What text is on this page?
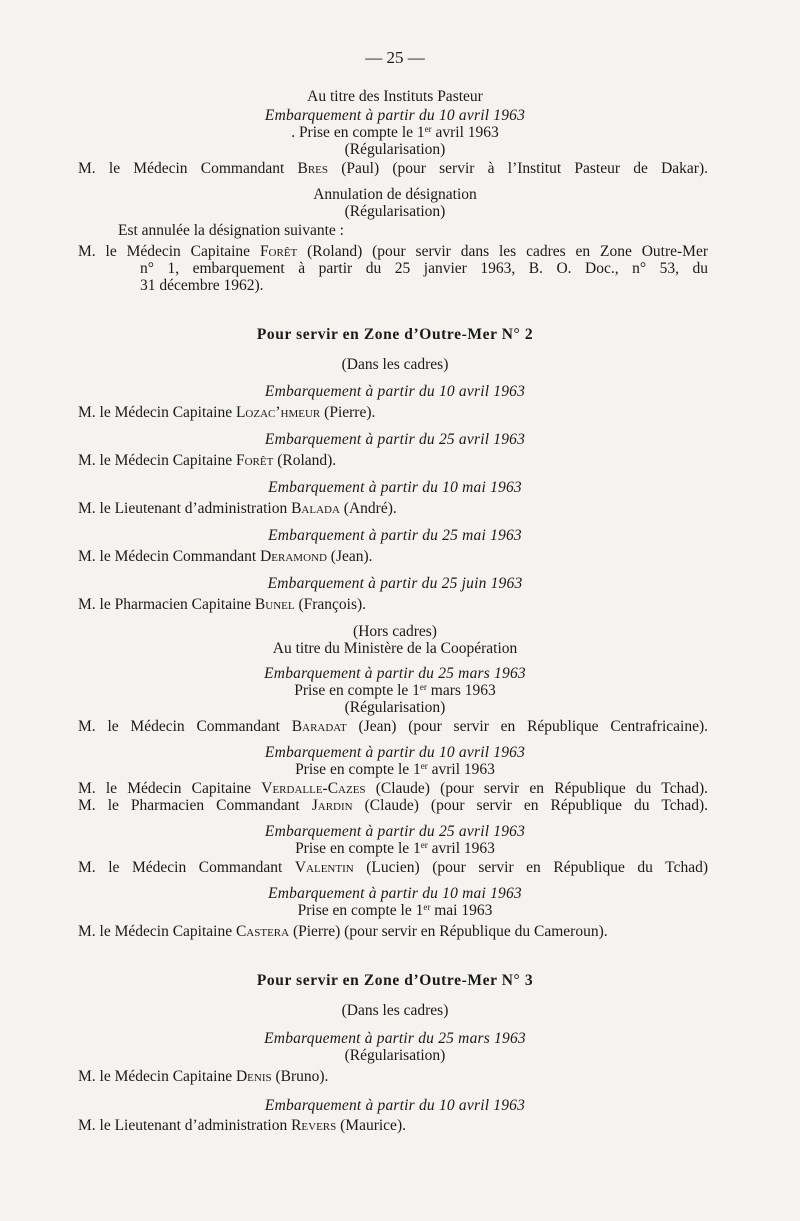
— 25 —
Au titre des Instituts Pasteur
Embarquement à partir du 10 avril 1963
. Prise en compte le 1er avril 1963
(Régularisation)
M. le Médecin Commandant Bres (Paul) (pour servir à l’Institut Pasteur de Dakar).
Annulation de désignation
(Régularisation)
Est annulée la désignation suivante :
M. le Médecin Capitaine Forêt (Roland) (pour servir dans les cadres en Zone Outre-Mer
n° 1, embarquement à partir du 25 janvier 1963, B. O. Doc., n° 53, du
31 décembre 1962).
Pour servir en Zone d’Outre-Mer N° 2
(Dans les cadres)
Embarquement à partir du 10 avril 1963
M. le Médecin Capitaine Lozac’hmeur (Pierre).
Embarquement à partir du 25 avril 1963
M. le Médecin Capitaine Forêt (Roland).
Embarquement à partir du 10 mai 1963
M. le Lieutenant d’administration Balada (André).
Embarquement à partir du 25 mai 1963
M. le Médecin Commandant Deramond (Jean).
Embarquement à partir du 25 juin 1963
M. le Pharmacien Capitaine Bunel (François).
(Hors cadres)
Au titre du Ministère de la Coopération
Embarquement à partir du 25 mars 1963
Prise en compte le 1er mars 1963
(Régularisation)
M. le Médecin Commandant Baradat (Jean) (pour servir en République Centrafricaine).
Embarquement à partir du 10 avril 1963
Prise en compte le 1er avril 1963
M. le Médecin Capitaine Verdalle-Cazes (Claude) (pour servir en République du Tchad).
M. le Pharmacien Commandant Jardin (Claude) (pour servir en République du Tchad).
Embarquement à partir du 25 avril 1963
Prise en compte le 1er avril 1963
M. le Médecin Commandant Valentin (Lucien) (pour servir en République du Tchad)
Embarquement à partir du 10 mai 1963
Prise en compte le 1er mai 1963
M. le Médecin Capitaine Castera (Pierre) (pour servir en République du Cameroun).
Pour servir en Zone d’Outre-Mer N° 3
(Dans les cadres)
Embarquement à partir du 25 mars 1963
(Régularisation)
M. le Médecin Capitaine Denis (Bruno).
Embarquement à partir du 10 avril 1963
M. le Lieutenant d’administration Revers (Maurice).
